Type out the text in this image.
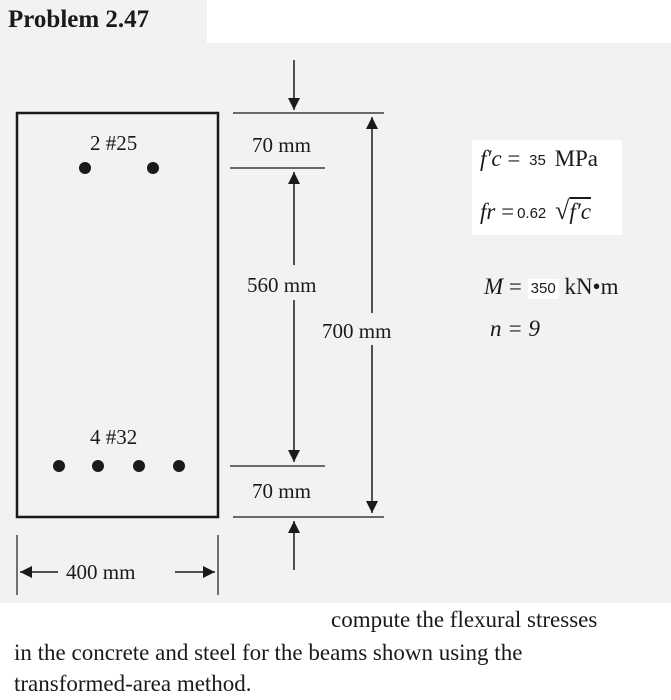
Problem 2.47
2 #25
4 #32
70 mm
560 mm
70 mm
700 mm
400 mm
f′c = 35 MPa
fr = 0.62 √f′c
M = 350 kN•m
n = 9
compute the flexural stresses
in the concrete and steel for the beams shown using the
transformed-area method.
